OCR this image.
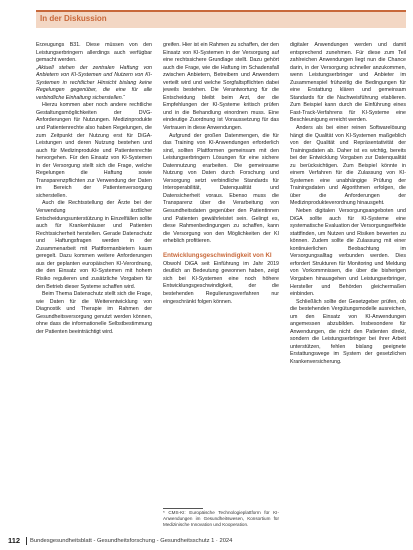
In der Diskussion

Erzeugungs B31. Diese müssen von den Leistungserbringern allerdings auch verfügbar gemacht werden.

„Aktuell stehen der zentralen Haftung von Anbietern von KI-Systemen und Nutzern von KI-Systemen in rechtlicher Hinsicht bislang keine Regelungen gegenüber, die eine für alle verbindliche Einhaltung sicherstellen.“

Hierzu kommen aber noch andere rechtliche Gestaltungsmöglichkeiten der DVG-Anforderungen für Nutzungen. Medizinprodukte und Patientenrechte also haben Regelungen, die zum Zeitpunkt der Nutzung erst für DiGA-Leistungen und deren Nutzung bestehen und auch für Medizinprodukte und Patientenrechte hervorgehen. Für den Einsatz von KI-Systemen in der Versorgung stellt sich die Frage, welche Regelungen die Haftung sowie Transparenzpflichten zur Verwendung der Daten im Bereich der Patientenversorgung sicherstellen.

Auch die Rechtsstellung der Ärzte bei der Verwendung ärztlicher Entscheidungsunterstützung in Einzelfällen sollte auch für Krankenhäuser und Patienten Rechtssicherheit herstellen. Gerade Datenschutz und Haftungsfragen werden in der Zusammenarbeit mit Plattformanbietern kaum geregelt. Dazu kommen weitere Anforderungen aus der geplanten europäischen KI-Verordnung, die den Einsatz von KI-Systemen mit hohem Risiko regulieren und zusätzliche Vorgaben für den Betrieb dieser Systeme schaffen wird.

Beim Thema Datenschutz stellt sich die Frage, wie Daten für die Weiterentwicklung von Diagnostik und Therapie im Rahmen der Gesundheitsversorgung genutzt werden können, ohne dass die informationelle Selbstbestimmung der Patienten beeinträchtigt wird.

greifen. Hier ist ein Rahmen zu schaffen, der den Einsatz von KI-Systemen in der Versorgung auf eine rechtssichere Grundlage stellt. Dazu gehört auch die Frage, wie die Haftung im Schadensfall zwischen Anbietern, Betreibern und Anwendern verteilt wird und welche Sorgfaltspflichten dabei jeweils bestehen. Die Verantwortung für die Entscheidung bleibt beim Arzt, der die Empfehlungen der KI-Systeme kritisch prüfen und in die Behandlung einordnen muss. Eine eindeutige Zuordnung ist Voraussetzung für das Vertrauen in diese Anwendungen.

Aufgrund der großen Datenmengen, die für das Training von KI-Anwendungen erforderlich sind, sollten Plattformen gemeinsam mit den Leistungserbringern Lösungen für eine sichere Datennutzung erarbeiten. Die gemeinsame Nutzung von Daten durch Forschung und Versorgung setzt verbindliche Standards für Interoperabilität, Datenqualität und Datensicherheit voraus. Ebenso muss die Transparenz über die Verarbeitung von Gesundheitsdaten gegenüber den Patientinnen und Patienten gewährleistet sein. Gelingt es, diese Rahmenbedingungen zu schaffen, kann die Versorgung von den Möglichkeiten der KI erheblich profitieren.

Entwicklungsgeschwindigkeit von KI

Obwohl DiGA seit Einführung im Jahr 2019 deutlich an Bedeutung gewonnen haben, zeigt sich bei KI-Systemen eine noch höhere Entwicklungsgeschwindigkeit, der die bestehenden Regulierungsverfahren nur eingeschränkt folgen können.

* CMS-KI: Europäische Technologieplattform für KI-Anwendungen im Gesundheitswesen, Konsortium für Medizinische Innovation und Kooperation.

digitaler Anwendungen werden und damit entsprechend zunehmen. Für diese zum Teil zahlreichen Anwendungen liegt nun die Chance darin, in der Versorgung schneller anzukommen, wenn Leistungserbringer und Anbieter im Zusammenspiel frühzeitig die Bedingungen für eine Erstattung klären und gemeinsam Standards für die Nachweisführung etablieren. Zum Beispiel kann durch die Einführung eines Fast-Track-Verfahrens für KI-Systeme eine Beschleunigung erreicht werden.

Anders als bei einer reinen Softwarelösung hängt die Qualität von KI-Systemen maßgeblich von der Qualität und Repräsentativität der Trainingsdaten ab. Daher ist es wichtig, bereits bei der Entwicklung Vorgaben zur Datenqualität zu berücksichtigen. Zum Beispiel könnte in einem Verfahren für die Zulassung von KI-Systemen eine unabhängige Prüfung der Trainingsdaten und Algorithmen erfolgen, die über die Anforderungen der Medizinprodukteverordnung hinausgeht.

Neben digitalen Versorgungsangeboten und DiGA sollte auch für KI-Systeme eine systematische Evaluation der Versorgungseffekte stattfinden, um Nutzen und Risiken bewerten zu können. Zudem sollte die Zulassung mit einer kontinuierlichen Beobachtung im Versorgungsalltag verbunden werden. Dies erfordert Strukturen für Monitoring und Meldung von Vorkommnissen, die über die bisherigen Vorgaben hinausgehen und Leistungserbringer, Hersteller und Behörden gleichermaßen einbinden.

Schließlich sollte der Gesetzgeber prüfen, ob die bestehenden Vergütungsmodelle ausreichen, um den Einsatz von KI-Anwendungen angemessen abzubilden. Insbesondere für Anwendungen, die nicht den Patienten direkt, sondern die Leistungserbringer bei ihrer Arbeit unterstützen, fehlen bislang geeignete Erstattungswege im System der gesetzlichen Krankenversicherung.

112 Bundesgesundheitsblatt - Gesundheitsforschung - Gesundheitsschutz 1 · 2024
